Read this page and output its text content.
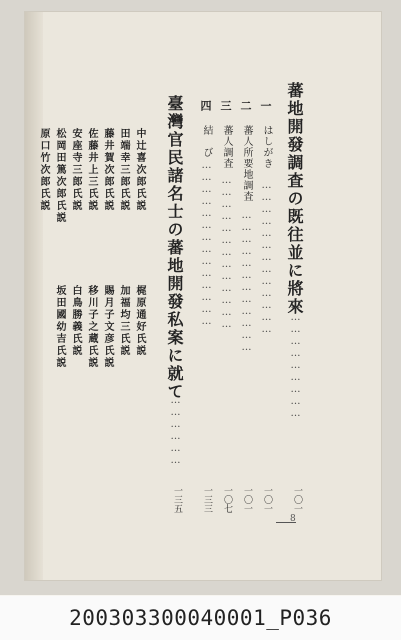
蕃地開發調査の既往並に將來
…………………………
一〇一
一
はしがき
…………………………………
一〇一
二
蕃人所要地調査
………………………………
一〇一
三
蕃人調査
…………………………………
一〇七
四
結　び
……………………………………
一三三
臺灣官民諸名士の蕃地開發私案に就て
………………
一三五
中辻喜次郎氏説
田端幸三郎氏説
藤井賀次郎氏説
佐藤井上三氏説
安座寺三郎氏説
松岡田篤次郎氏説
原口竹次郎氏説
梶原通好氏説
加福均三氏説
賜月子文彦氏説
移川子之蔵氏説
白鳥勝義氏説
坂田國幼吉氏説
8
200303300040001_P036
